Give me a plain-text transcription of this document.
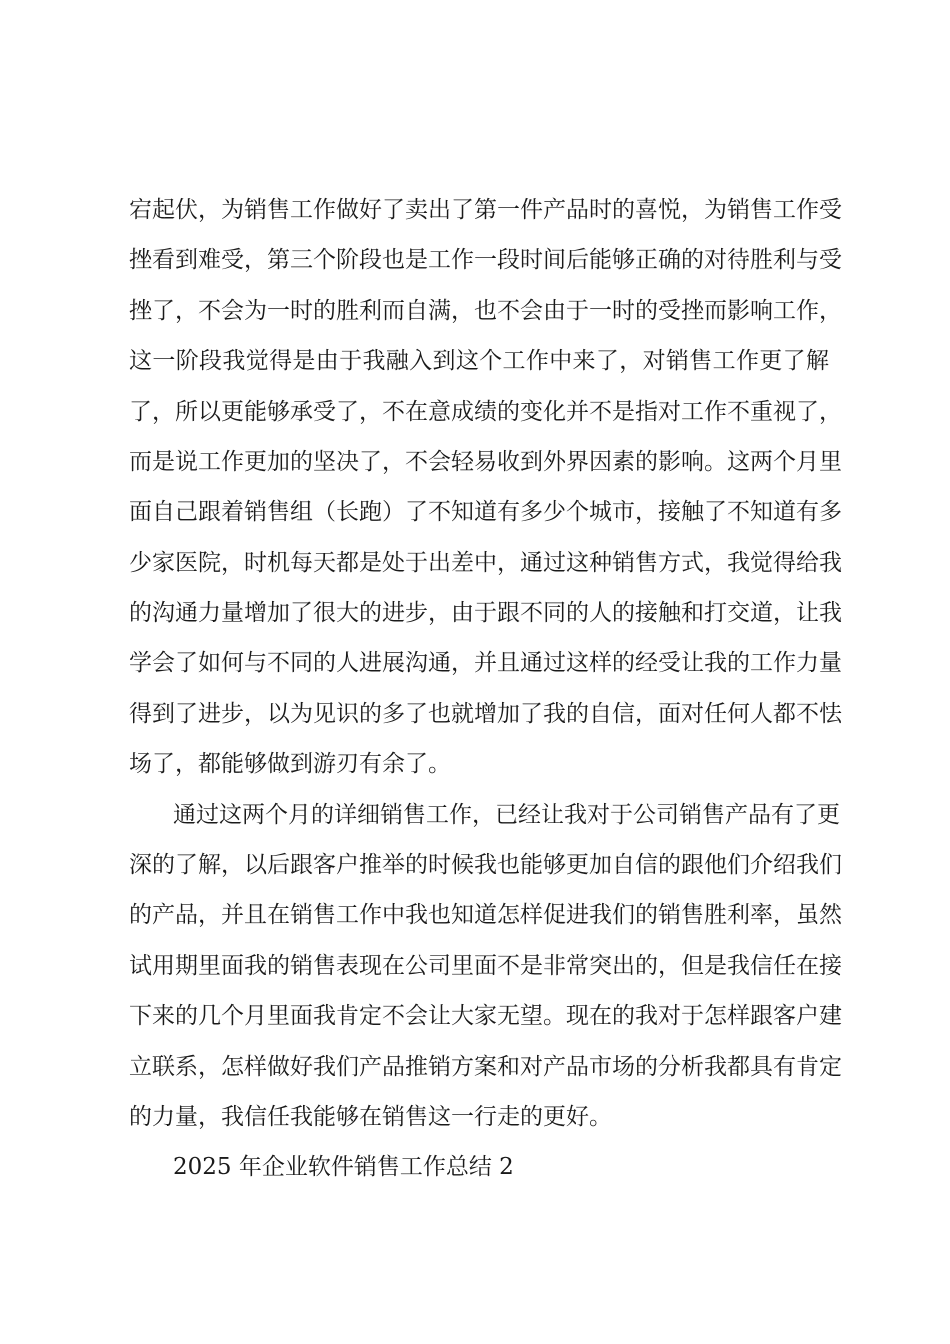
宕起伏，为销售工作做好了卖出了第一件产品时的喜悦，为销售工作受
挫看到难受，第三个阶段也是工作一段时间后能够正确的对待胜利与受
挫了，不会为一时的胜利而自满，也不会由于一时的受挫而影响工作，
这一阶段我觉得是由于我融入到这个工作中来了，对销售工作更了解
了，所以更能够承受了，不在意成绩的变化并不是指对工作不重视了，
而是说工作更加的坚决了，不会轻易收到外界因素的影响。这两个月里
面自己跟着销售组（长跑）了不知道有多少个城市，接触了不知道有多
少家医院，时机每天都是处于出差中，通过这种销售方式，我觉得给我
的沟通力量增加了很大的进步，由于跟不同的人的接触和打交道，让我
学会了如何与不同的人进展沟通，并且通过这样的经受让我的工作力量
得到了进步，以为见识的多了也就增加了我的自信，面对任何人都不怯
场了，都能够做到游刃有余了。
通过这两个月的详细销售工作，已经让我对于公司销售产品有了更
深的了解，以后跟客户推举的时候我也能够更加自信的跟他们介绍我们
的产品，并且在销售工作中我也知道怎样促进我们的销售胜利率，虽然
试用期里面我的销售表现在公司里面不是非常突出的，但是我信任在接
下来的几个月里面我肯定不会让大家无望。现在的我对于怎样跟客户建
立联系，怎样做好我们产品推销方案和对产品市场的分析我都具有肯定
的力量，我信任我能够在销售这一行走的更好。
2025 年企业软件销售工作总结 2
